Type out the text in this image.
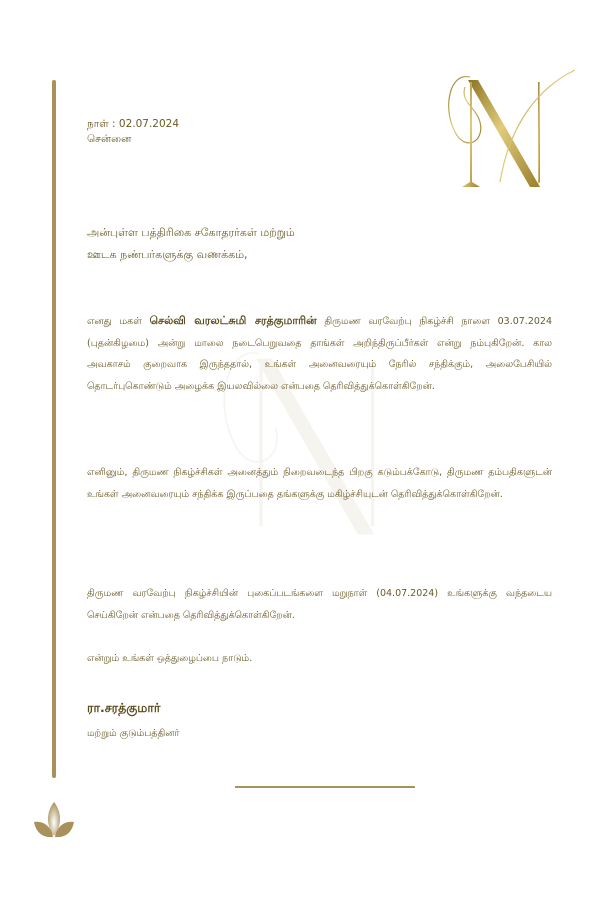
நாள் : 02.07.2024
சென்னை
அன்புள்ள பத்திரிகை சகோதரர்கள் மற்றும்
ஊடக நண்பர்களுக்கு வணக்கம்,
எனது மகள் செல்வி வரலட்சுமி சரத்குமாரின் திருமண வரவேற்பு நிகழ்ச்சி நாளை 03.07.2024 (புதன்கிழமை) அன்று மாலை நடைபெறுவதை தாங்கள் அறிந்திருப்பீர்கள் என்று நம்புகிறேன். கால அவகாசம் குறைவாக இருந்ததால், உங்கள் அனைவரையும் நேரில் சந்திக்கும், அலைபேசியில் தொடர்புகொண்டும் அழைக்க இயலவில்லை என்பதை தெரிவித்துக்கொள்கிறேன்.
எனினும், திருமண நிகழ்ச்சிகள் அனைத்தும் நிறைவடைந்த பிறகு கடும்பக்கோடு, திருமண தம்பதிகளுடன் உங்கள் அனைவரையும் சந்திக்க இருப்பதை தங்களுக்கு மகிழ்ச்சியுடன் தெரிவித்துக்கொள்கிறேன்.
திருமண வரவேற்பு நிகழ்ச்சியின் புகைப்படங்களை மறுநாள் (04.07.2024) உங்களுக்கு வந்தடைய செய்கிறேன் என்பதை தெரிவித்துக்கொள்கிறேன்.
என்றும் உங்கள் ஒத்துழைப்பை நாடும்.
ரா.சரத்குமார்
மற்றும் குடும்பத்தினர்
